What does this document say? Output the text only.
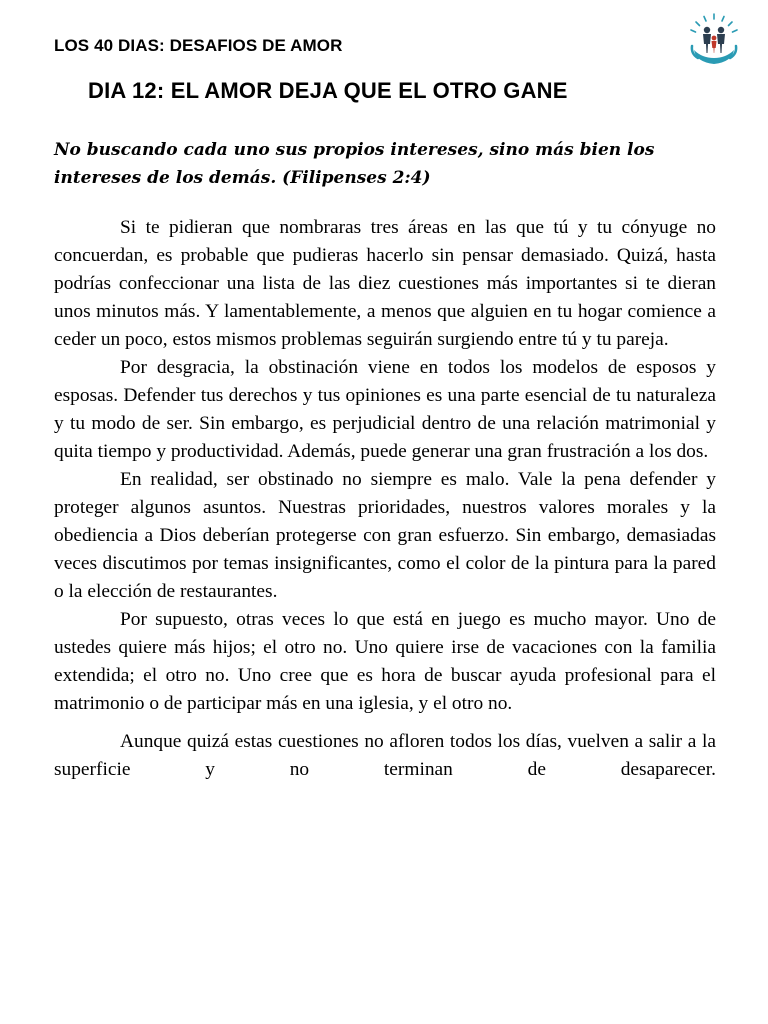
LOS 40 DIAS: DESAFIOS DE AMOR
DIA 12: EL AMOR DEJA QUE EL OTRO GANE

No buscando cada uno sus propios intereses, sino más bien los intereses de los demás. (Filipenses 2:4)

Si te pidieran que nombraras tres áreas en las que tú y tu cónyuge no concuerdan, es probable que pudieras hacerlo sin pensar demasiado. Quizá, hasta podrías confeccionar una lista de las diez cuestiones más importantes si te dieran unos minutos más. Y lamentablemente, a menos que alguien en tu hogar comience a ceder un poco, estos mismos problemas seguirán surgiendo entre tú y tu pareja.

Por desgracia, la obstinación viene en todos los modelos de esposos y esposas. Defender tus derechos y tus opiniones es una parte esencial de tu naturaleza y tu modo de ser. Sin embargo, es perjudicial dentro de una relación matrimonial y quita tiempo y productividad. Además, puede generar una gran frustración a los dos.

En realidad, ser obstinado no siempre es malo. Vale la pena defender y proteger algunos asuntos. Nuestras prioridades, nuestros valores morales y la obediencia a Dios deberían protegerse con gran esfuerzo. Sin embargo, demasiadas veces discutimos por temas insignificantes, como el color de la pintura para la pared o la elección de restaurantes.

Por supuesto, otras veces lo que está en juego es mucho mayor. Uno de ustedes quiere más hijos; el otro no. Uno quiere irse de vacaciones con la familia extendida; el otro no. Uno cree que es hora de buscar ayuda profesional para el matrimonio o de participar más en una iglesia, y el otro no.

Aunque quizá estas cuestiones no afloren todos los días, vuelven a salir a la superficie y no terminan de desaparecer.
